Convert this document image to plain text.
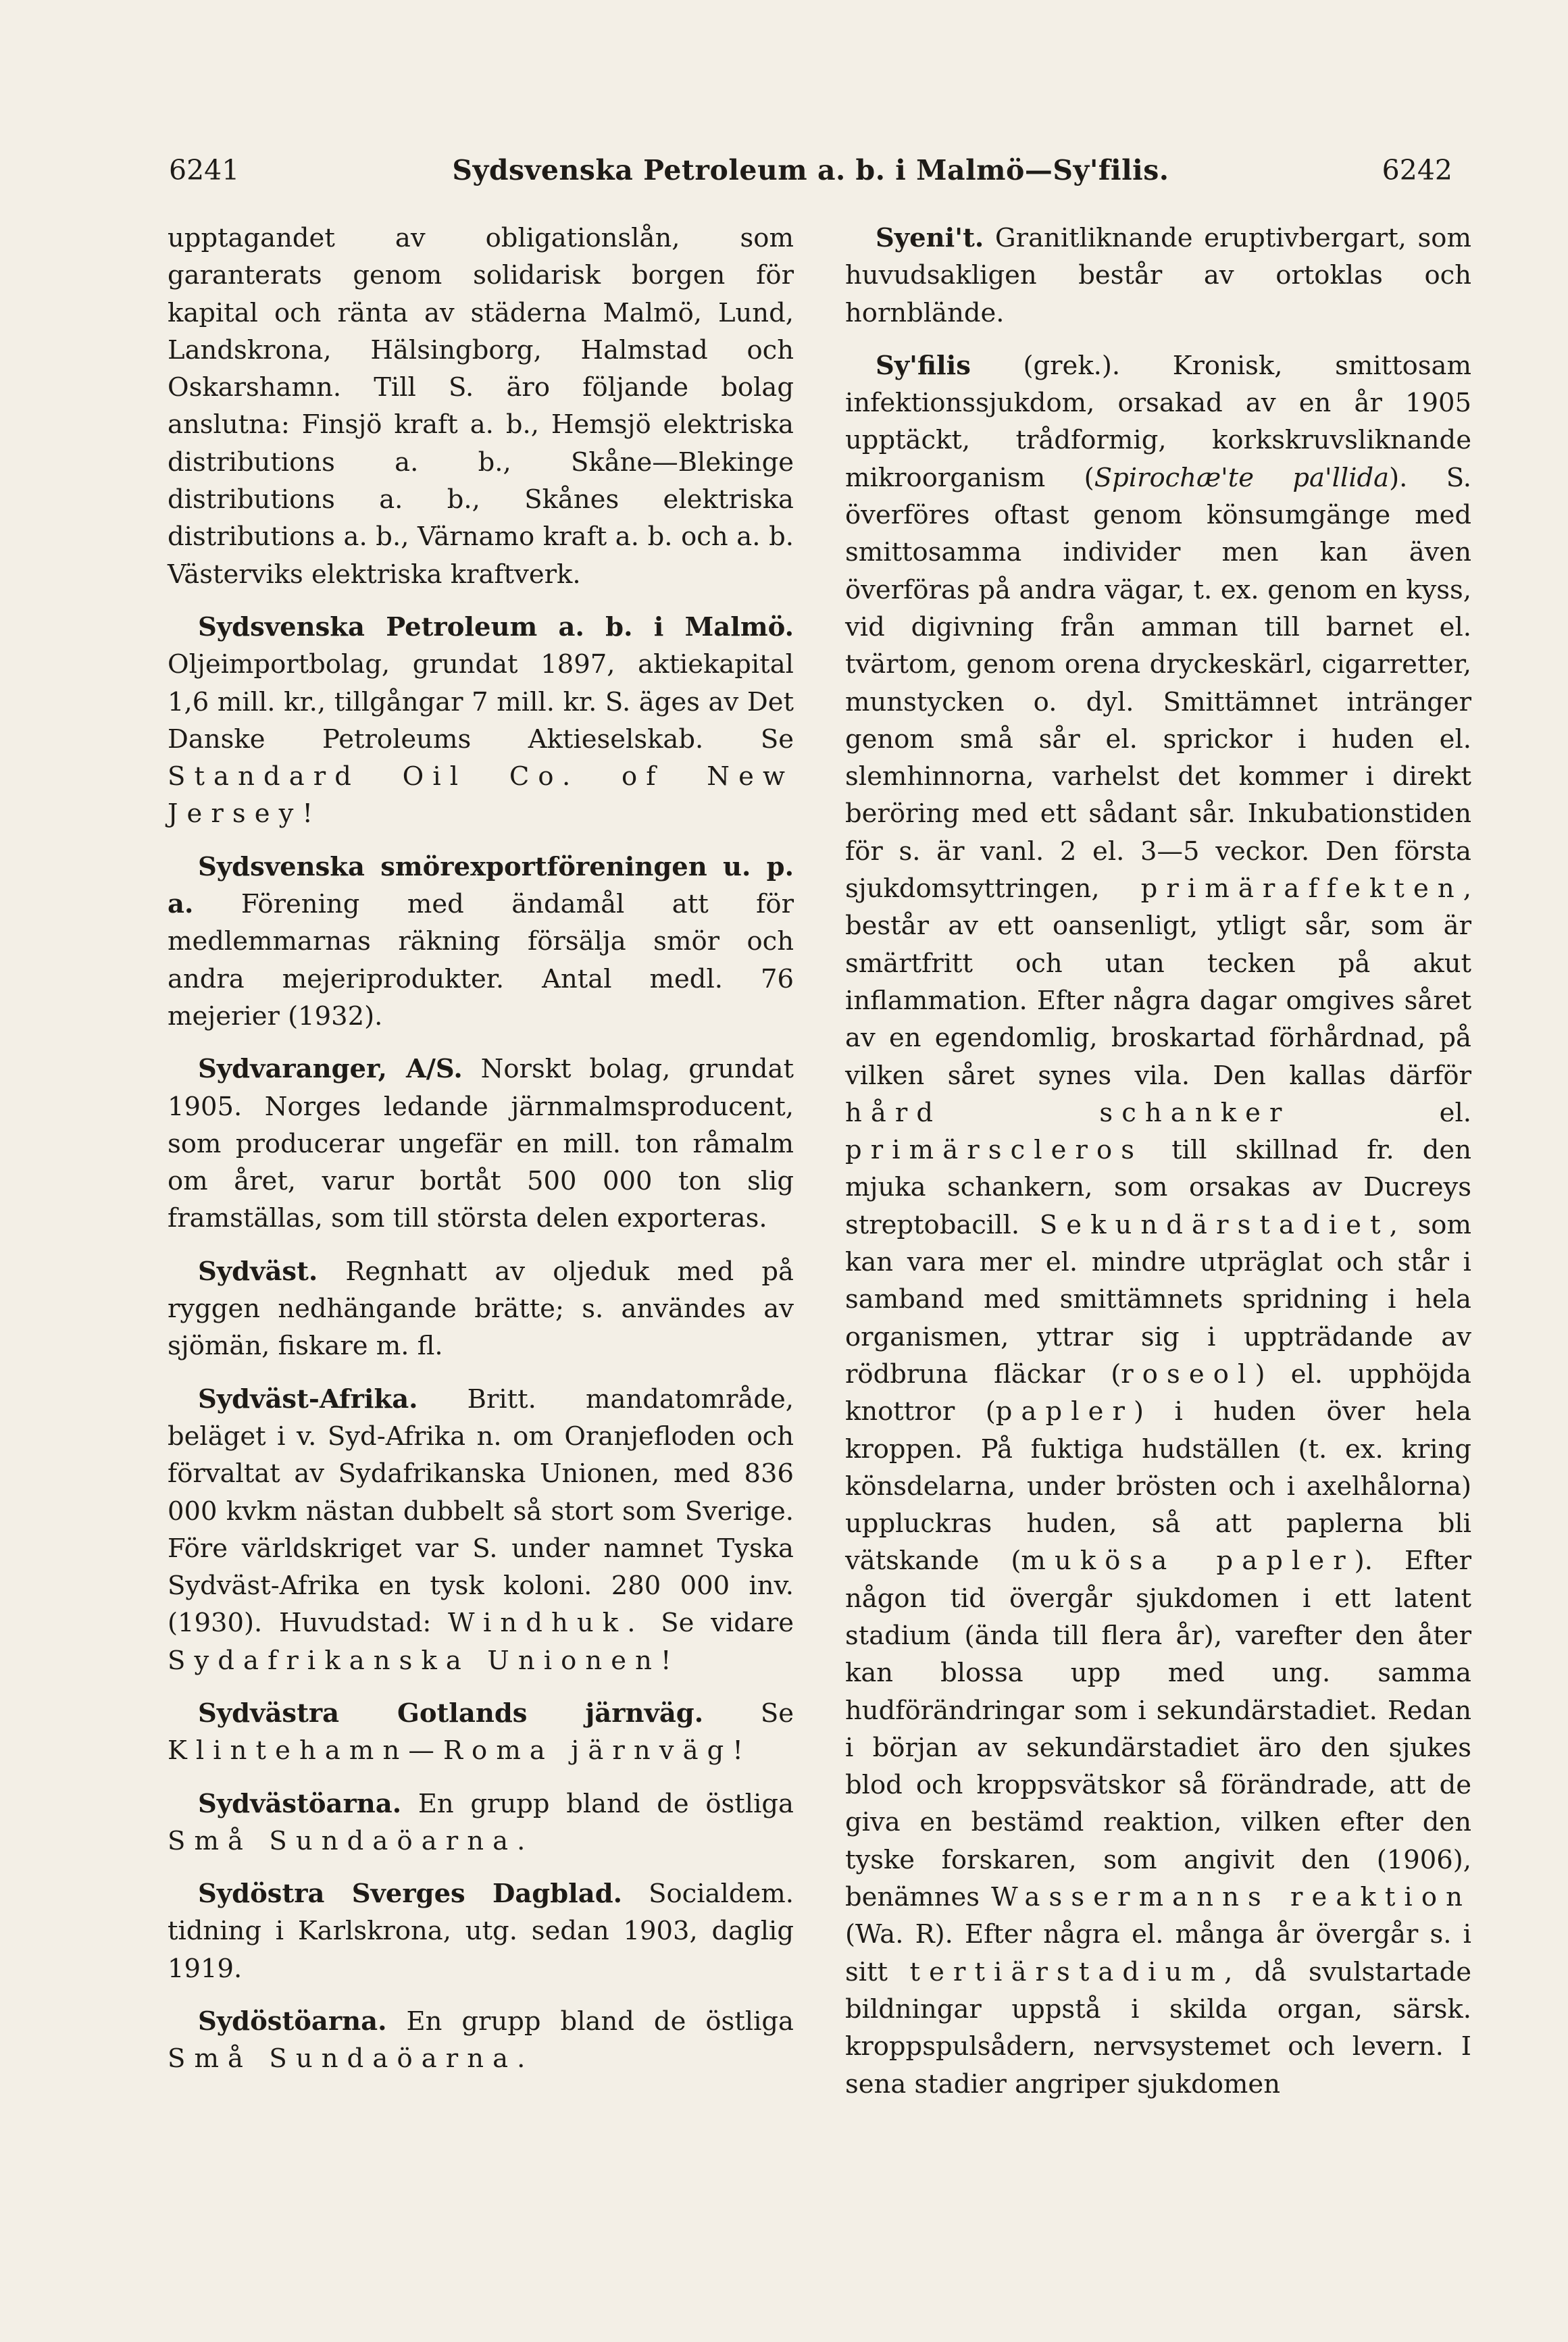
6241	Sydsvenska Petroleum a. b. i Malmö—Sy'filis.	6242

upptagandet av obligationslån, som garanterats genom solidarisk borgen för kapital och ränta av städerna Malmö, Lund, Landskrona, Hälsingborg, Halmstad och Oskarshamn. Till S. äro följande bolag anslutna: Finsjö kraft a. b., Hemsjö elektriska distributions a. b., Skåne—Blekinge distributions a. b., Skånes elektriska distributions a. b., Värnamo kraft a. b. och a. b. Västerviks elektriska kraftverk.

Sydsvenska Petroleum a. b. i Malmö. Oljeimportbolag, grundat 1897, aktiekapital 1,6 mill. kr., tillgångar 7 mill. kr. S. äges av Det Danske Petroleums Aktieselskab. Se Standard Oil Co. of New Jersey!

Sydsvenska smörexportföreningen u. p. a. Förening med ändamål att för medlemmarnas räkning försälja smör och andra mejeriprodukter. Antal medl. 76 mejerier (1932).

Sydvaranger, A/S. Norskt bolag, grundat 1905. Norges ledande järnmalmsproducent, som producerar ungefär en mill. ton råmalm om året, varur bortåt 500 000 ton slig framställas, som till största delen exporteras.

Sydväst. Regnhatt av oljeduk med på ryggen nedhängande brätte; s. användes av sjömän, fiskare m. fl.

Sydväst-Afrika. Britt. mandatområde, beläget i v. Syd-Afrika n. om Oranjefloden och förvaltat av Sydafrikanska Unionen, med 836 000 kvkm nästan dubbelt så stort som Sverige. Före världskriget var S. under namnet Tyska Sydväst-Afrika en tysk koloni. 280 000 inv. (1930). Huvudstad: Windhuk. Se vidare Sydafrikanska Unionen!

Sydvästra Gotlands järnväg. Se Klintehamn—Roma järnväg!

Sydvästöarna. En grupp bland de östliga Små Sundaöarna.

Sydöstra Sverges Dagblad. Socialdem. tidning i Karlskrona, utg. sedan 1903, daglig 1919.

Sydöstöarna. En grupp bland de östliga Små Sundaöarna.

Syeni't. Granitliknande eruptivbergart, som huvudsakligen består av ortoklas och hornblände.

Sy'filis (grek.). Kronisk, smittosam infektionssjukdom, orsakad av en år 1905 upptäckt, trådformig, korkskruvsliknande mikroorganism (Spirochæ'te pa'llida). S. överföres oftast genom könsumgänge med smittosamma individer men kan även överföras på andra vägar, t. ex. genom en kyss, vid digivning från amman till barnet el. tvärtom, genom orena dryckeskärl, cigarretter, munstycken o. dyl. Smittämnet intränger genom små sår el. sprickor i huden el. slemhinnorna, varhelst det kommer i direkt beröring med ett sådant sår. Inkubationstiden för s. är vanl. 2 el. 3—5 veckor. Den första sjukdomsyttringen, primäraffekten, består av ett oansenligt, ytligt sår, som är smärtfritt och utan tecken på akut inflammation. Efter några dagar omgives såret av en egendomlig, broskartad förhårdnad, på vilken såret synes vila. Den kallas därför hård schanker	el. primärscleros till skillnad fr. den mjuka schankern, som orsakas av Ducreys streptobacill. Sekundärstadiet, som kan vara mer el. mindre utpräglat och står i samband med smittämnets spridning i hela organismen, yttrar sig i uppträdande av rödbruna fläckar (roseol) el. upphöjda knottror (papler) i huden över hela kroppen. På fuktiga hudställen (t. ex. kring könsdelarna, under brösten och i axelhålorna) uppluckras huden, så att paplerna bli vätskande (mukösa papler). Efter någon tid övergår sjukdomen i ett latent stadium (ända till flera år), varefter den åter kan blossa upp med ung. samma hudförändringar som i sekundärstadiet. Redan i början av sekundärstadiet äro den sjukes blod och kroppsvätskor så förändrade, att de giva en bestämd reaktion, vilken efter den tyske forskaren, som angivit den (1906), benämnes Wassermanns reaktion (Wa. R). Efter några el. många år övergår s. i sitt tertiärstadium, då svulstartade bildningar uppstå i skilda organ, särsk. kroppspulsådern, nervsystemet och levern. I sena stadier angriper sjukdomen
